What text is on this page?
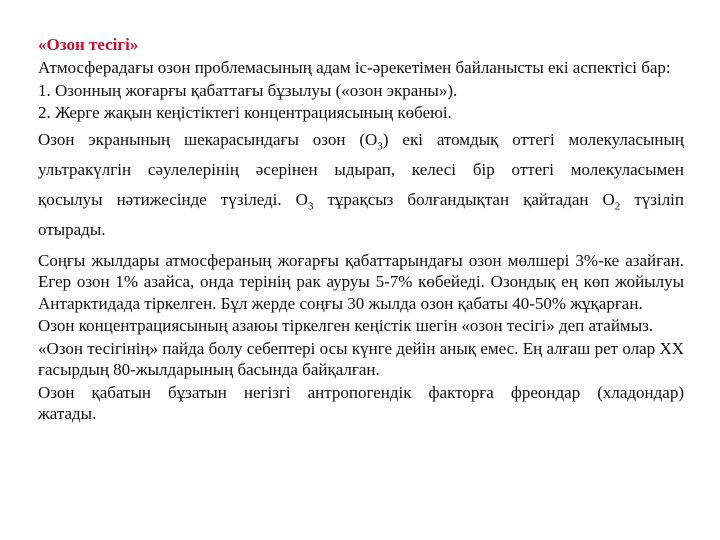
«Озон тесігі»
Атмосферадағы озон проблемасының адам іс-әрекетімен байланысты екі аспектісі бар:
1. Озонның жоғарғы қабаттағы бұзылуы («озон экраны»).
2. Жерге жақын кеңістіктегі концентрациясының көбеюі.
Озон экранының шекарасындағы озон $(O_3)$ екі атомдық оттегі молекуласының ультракүлгін сәулелерінің әсерінен ыдырап, келесі бір оттегі молекуласымен қосылуы нәтижесінде түзіледі. $O_3$ тұрақсыз болғандықтан қайтадан $O_2$ түзіліп отырады.
Соңғы жылдары атмосфераның жоғарғы қабаттарындағы озон мөлшері 3%-ке азайған. Егер озон 1% азайса, онда терінің рак ауруы 5-7% көбейеді. Озондық ең көп жойылуы Антарктидада тіркелген. Бұл жерде соңғы 30 жылда озон қабаты 40-50% жұқарған.
Озон концентрациясының азаюы тіркелген кеңістік шегін «озон тесігі» деп атаймыз.
«Озон тесігінің» пайда болу себептері осы күнге дейін анық емес. Ең алғаш рет олар XX ғасырдың 80-жылдарының басында байқалған.
Озон қабатын бұзатын негізгі антропогендік факторға фреондар (хладондар) жатады.
